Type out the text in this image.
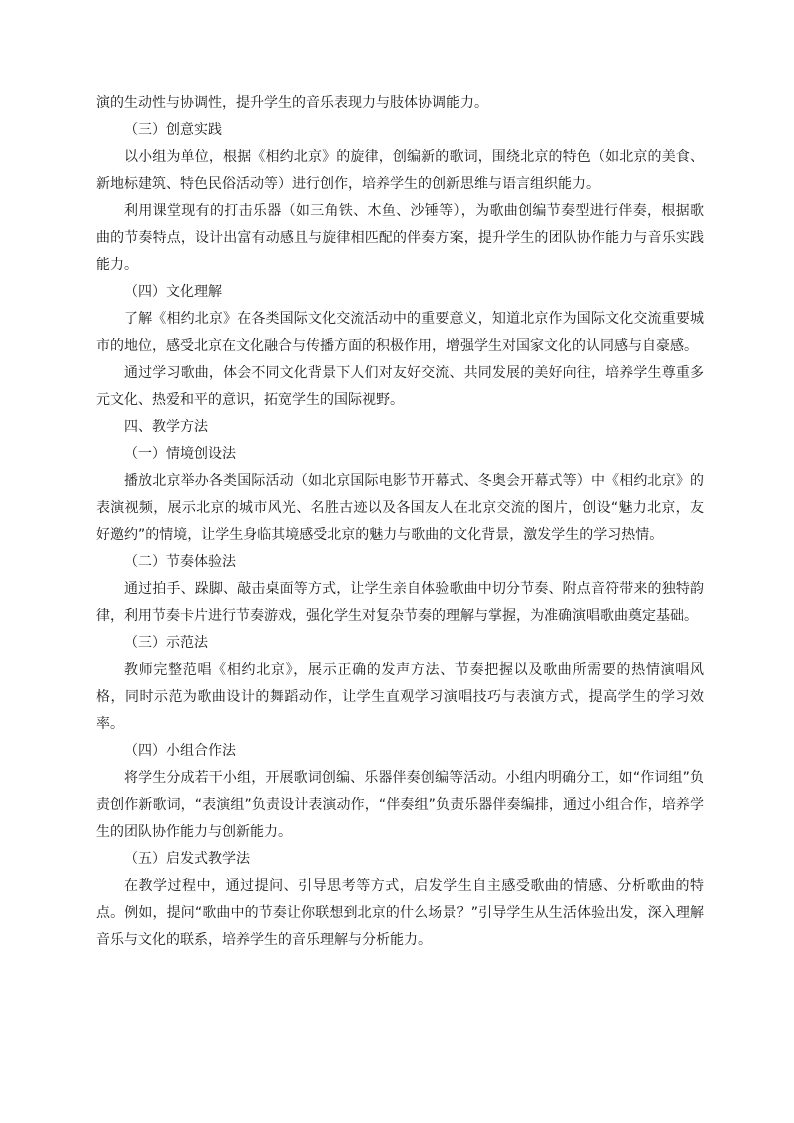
演的生动性与协调性，提升学生的音乐表现力与肢体协调能力。

（三）创意实践

以小组为单位，根据《相约北京》的旋律，创编新的歌词，围绕北京的特色（如北京的美食、新地标建筑、特色民俗活动等）进行创作，培养学生的创新思维与语言组织能力。

利用课堂现有的打击乐器（如三角铁、木鱼、沙锤等），为歌曲创编节奏型进行伴奏，根据歌曲的节奏特点，设计出富有动感且与旋律相匹配的伴奏方案，提升学生的团队协作能力与音乐实践能力。

（四）文化理解

了解《相约北京》在各类国际文化交流活动中的重要意义，知道北京作为国际文化交流重要城市的地位，感受北京在文化融合与传播方面的积极作用，增强学生对国家文化的认同感与自豪感。

通过学习歌曲，体会不同文化背景下人们对友好交流、共同发展的美好向往，培养学生尊重多元文化、热爱和平的意识，拓宽学生的国际视野。

四、教学方法

（一）情境创设法

播放北京举办各类国际活动（如北京国际电影节开幕式、冬奥会开幕式等）中《相约北京》的表演视频，展示北京的城市风光、名胜古迹以及各国友人在北京交流的图片，创设“魅力北京，友好邀约”的情境，让学生身临其境感受北京的魅力与歌曲的文化背景，激发学生的学习热情。

（二）节奏体验法

通过拍手、跺脚、敲击桌面等方式，让学生亲自体验歌曲中切分节奏、附点音符带来的独特韵律，利用节奏卡片进行节奏游戏，强化学生对复杂节奏的理解与掌握，为准确演唱歌曲奠定基础。

（三）示范法

教师完整范唱《相约北京》，展示正确的发声方法、节奏把握以及歌曲所需要的热情演唱风格，同时示范为歌曲设计的舞蹈动作，让学生直观学习演唱技巧与表演方式，提高学生的学习效率。

（四）小组合作法

将学生分成若干小组，开展歌词创编、乐器伴奏创编等活动。小组内明确分工，如“作词组”负责创作新歌词，“表演组”负责设计表演动作，“伴奏组”负责乐器伴奏编排，通过小组合作，培养学生的团队协作能力与创新能力。

（五）启发式教学法

在教学过程中，通过提问、引导思考等方式，启发学生自主感受歌曲的情感、分析歌曲的特点。例如，提问“歌曲中的节奏让你联想到北京的什么场景？”引导学生从生活体验出发，深入理解音乐与文化的联系，培养学生的音乐理解与分析能力。
